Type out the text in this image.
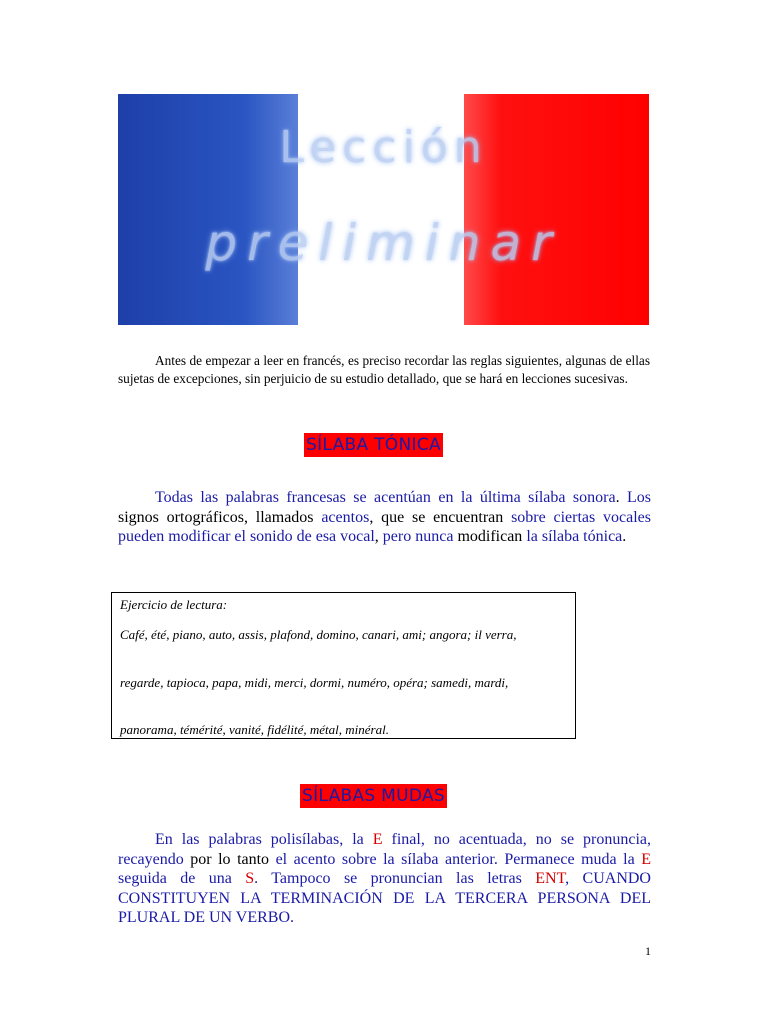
Lección
preliminar
Antes de empezar a leer en francés, es preciso recordar las reglas siguientes, algunas de ellas sujetas de excepciones, sin perjuicio de su estudio detallado, que se hará en lecciones sucesivas.
SÍLABA TÓNICA
Todas las palabras francesas se acentúan en la última sílaba sonora. Los signos ortográficos, llamados acentos, que se encuentran sobre ciertas vocales pueden modificar el sonido de esa vocal, pero nunca modifican la sílaba tónica.

Ejercicio de lectura:

Café, été, piano, auto, assis, plafond, domino, canari, ami; angora; il verra,

regarde, tapioca, papa, midi, merci, dormi, numéro, opéra; samedi, mardi,

panorama, témérité, vanité, fidélité, métal, minéral.

SÍLABAS MUDAS
En las palabras polisílabas, la E final, no acentuada, no se pronuncia, recayendo por lo tanto el acento sobre la sílaba anterior. Permanece muda la E seguida de una S. Tampoco se pronuncian las letras ENT, CUANDO CONSTITUYEN LA TERMINACIÓN DE LA TERCERA PERSONA DEL PLURAL DE UN VERBO.
1
